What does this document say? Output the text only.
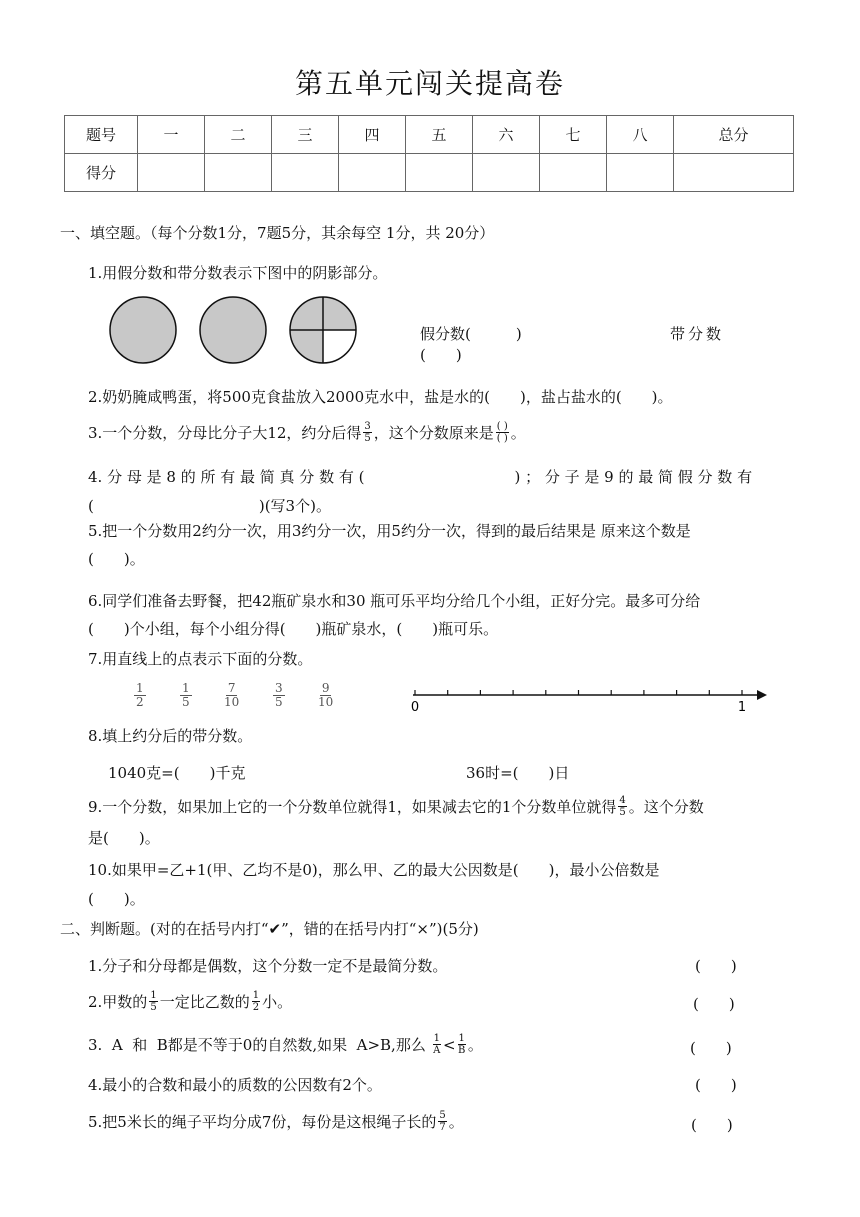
第五单元闯关提高卷
题号	一	二	三	四	五	六	七	八	总分
得分									
一、填空题。（每个分数1分，7题5分，其余每空 1分，共 20分）
1.用假分数和带分数表示下图中的阴影部分。
假分数(　　　)	带分数
(　　)
2.奶奶腌咸鸭蛋，将500克食盐放入2000克水中，盐是水的(　　)，盐占盐水的(　　)。
3.一个分数，分母比分子大12，约分后得 $\frac{3}{5}$ ，这个分数原来是 $\frac{( )}{( )}$ 。
4. 分 母 是 8 的 所 有 最 简 真 分 数 有 (　　　　　　　　　　) ； 分 子 是 9 的 最 简 假 分 数 有
(　　　　　　　　　　　)(写3个)。
5.把一个分数用2约分一次，用3约分一次，用5约分一次，得到的最后结果是 原来这个数是
(　　)。
6.同学们准备去野餐，把42瓶矿泉水和30 瓶可乐平均分给几个小组，正好分完。最多可分给
(　　)个小组，每个小组分得(　　)瓶矿泉水，(　　)瓶可乐。
7.用直线上的点表示下面的分数。
$\frac{1}{2}$	$\frac{1}{5}$	$\frac{7}{10}$	$\frac{3}{5}$	$\frac{9}{10}$	0	1
8.填上约分后的带分数。
1040克=(　　)千克	36时=(　　)日
9.一个分数，如果加上它的一个分数单位就得1，如果减去它的1个分数单位就得 $\frac{4}{5}$ 。这个分数
是(　　)。
10.如果甲=乙+1(甲、乙均不是0)，那么甲、乙的最大公因数是(　　)，最小公倍数是
(　　)。
二、判断题。(对的在括号内打“✔”，错的在括号内打“×”)(5分)
1.分子和分母都是偶数，这个分数一定不是最简分数。	(　　)
2.甲数的 $\frac{1}{5}$ 一定比乙数的 $\frac{1}{2}$ 小。	(　　)
3.  A  和  B都是不等于0的自然数,如果  A>B,那么 $\frac{1}{A} < \frac{1}{B}$ 。	(　　)
4.最小的合数和最小的质数的公因数有2个。	(　　)
5.把5米长的绳子平均分成7份，每份是这根绳子长的 $\frac{5}{7}$ 。	(　　)
